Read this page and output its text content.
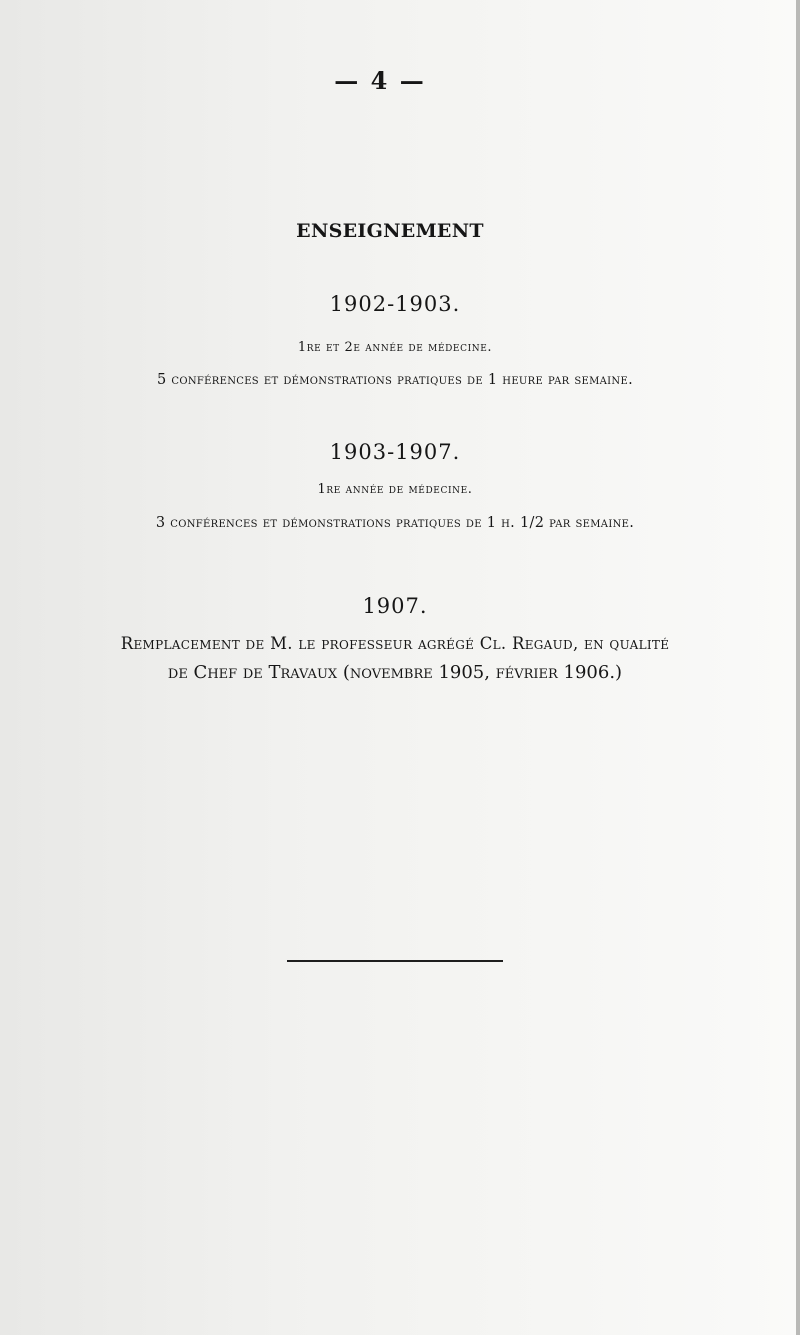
— 4 —
ENSEIGNEMENT
1902-1903.
1re et 2e année de médecine.
5 conférences et démonstrations pratiques de 1 heure par semaine.
1903-1907.
1re année de médecine.
3 conférences et démonstrations pratiques de 1 h. 1/2 par semaine.
1907.
Remplacement de M. le professeur agrégé Cl. Regaud, en qualité
de Chef de Travaux (novembre 1905, février 1906.)
